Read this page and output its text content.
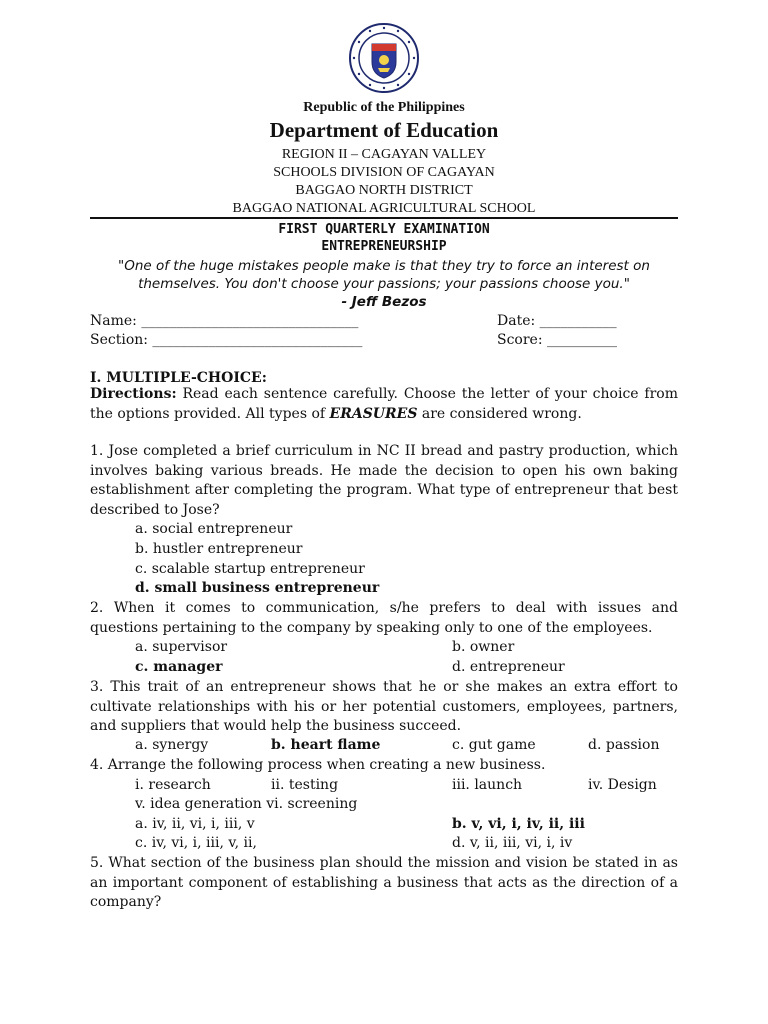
Republic of the Philippines
Department of Education
REGION II – CAGAYAN VALLEY
SCHOOLS DIVISION OF CAGAYAN
BAGGAO NORTH DISTRICT
BAGGAO NATIONAL AGRICULTURAL SCHOOL
FIRST QUARTERLY EXAMINATION
ENTREPRENEURSHIP
"One of the huge mistakes people make is that they try to force an interest on
themselves. You don't choose your passions; your passions choose you."
- Jeff Bezos
Name: _______________________________	Date: ___________
Section: ______________________________	Score: __________
I. MULTIPLE-CHOICE:
Directions: Read each sentence carefully. Choose the letter of your choice from the options provided. All types of ERASURES are considered wrong.
1. Jose completed a brief curriculum in NC II bread and pastry production, which involves baking various breads. He made the decision to open his own baking establishment after completing the program. What type of entrepreneur that best described to Jose?
a. social entrepreneur
b. hustler entrepreneur
c. scalable startup entrepreneur
d. small business entrepreneur
2. When it comes to communication, s/he prefers to deal with issues and questions pertaining to the company by speaking only to one of the employees.
a. supervisor	b. owner
c. manager	d. entrepreneur
3. This trait of an entrepreneur shows that he or she makes an extra effort to cultivate relationships with his or her potential customers, employees, partners, and suppliers that would help the business succeed.
a. synergy	b. heart flame	c. gut game	d. passion
4. Arrange the following process when creating a new business.
i. research	ii. testing	iii. launch	iv. Design
v. idea generation vi. screening
a. iv, ii, vi, i, iii, v	b. v, vi, i, iv, ii, iii
c. iv, vi, i, iii, v, ii,	d. v, ii, iii, vi, i, iv
5. What section of the business plan should the mission and vision be stated in as an important component of establishing a business that acts as the direction of a company?
